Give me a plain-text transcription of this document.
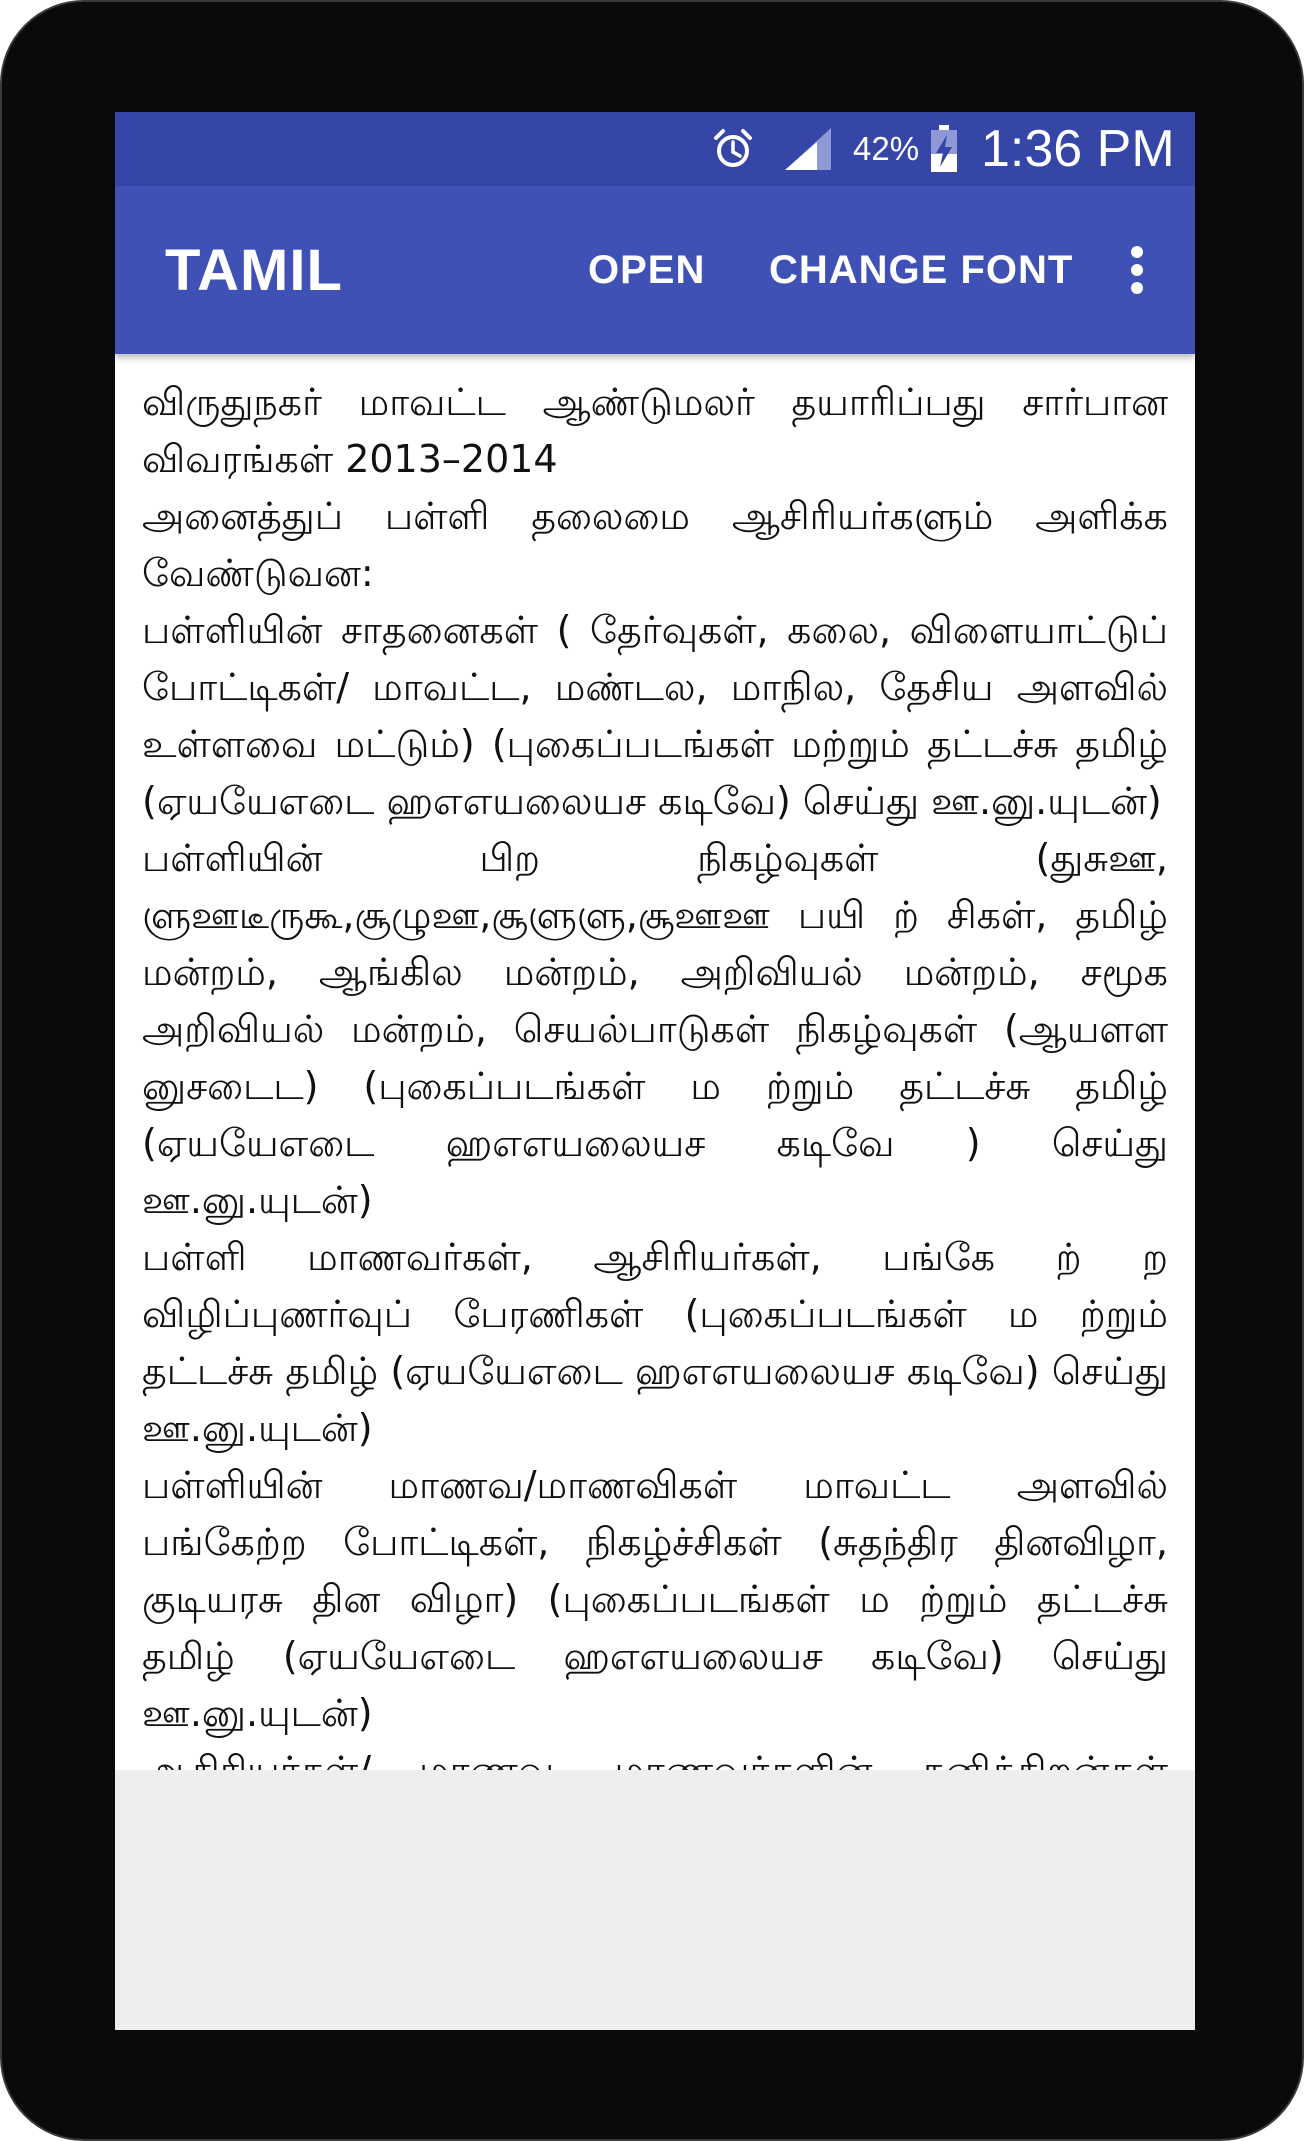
42% 1:36 PM
TAMIL	OPEN CHANGE FONT

விருதுநகர் மாவட்ட ஆண்டுமலர் தயாரிப்பது சார்பான விவரங்கள் 2013–2014

அனைத்துப் பள்ளி தலைமை ஆசிரியர்களும் அளிக்க வேண்டுவன:

பள்ளியின் சாதனைகள் ( தேர்வுகள், கலை, விளையாட்டுப் போட்டிகள்/ மாவட்ட, மண்டல, மாநில, தேசிய அளவில் உள்ளவை மட்டும்) (புகைப்படங்கள் மற்றும் தட்டச்சு தமிழ் (ஏயயேஎடை ஹஎஎயலையச கடிவே) செய்து ஊ.னு.யுடன்)

பள்ளியின் பிற நிகழ்வுகள் (துசுஊ, ளுஊடீருகூ,சூழுஊ,சூளுளு,சூஊஊ பயி ற் சிகள், தமிழ் மன்றம், ஆங்கில மன்றம், அறிவியல் மன்றம், சமூக அறிவியல் மன்றம், செயல்பாடுகள் நிகழ்வுகள் (ஆயளள னுசடைட) (புகைப்படங்கள் ம ற்றும் தட்டச்சு தமிழ் (ஏயயேஎடை ஹஎஎயலையச கடிவே ) செய்து ஊ.னு.யுடன்)

பள்ளி மாணவர்கள், ஆசிரியர்கள், பங்கே ற் ற விழிப்புணர்வுப் பேரணிகள் (புகைப்படங்கள் ம ற்றும் தட்டச்சு தமிழ் (ஏயயேஎடை ஹஎஎயலையச கடிவே) செய்து ஊ.னு.யுடன்)

பள்ளியின் மாணவ/மாணவிகள் மாவட்ட அளவில் பங்கேற்ற போட்டிகள், நிகழ்ச்சிகள் (சுதந்திர தினவிழா, குடியரசு தின விழா) (புகைப்படங்கள் ம ற்றும் தட்டச்சு தமிழ் (ஏயயேஎடை ஹஎஎயலையச கடிவே) செய்து ஊ.னு.யுடன்)
